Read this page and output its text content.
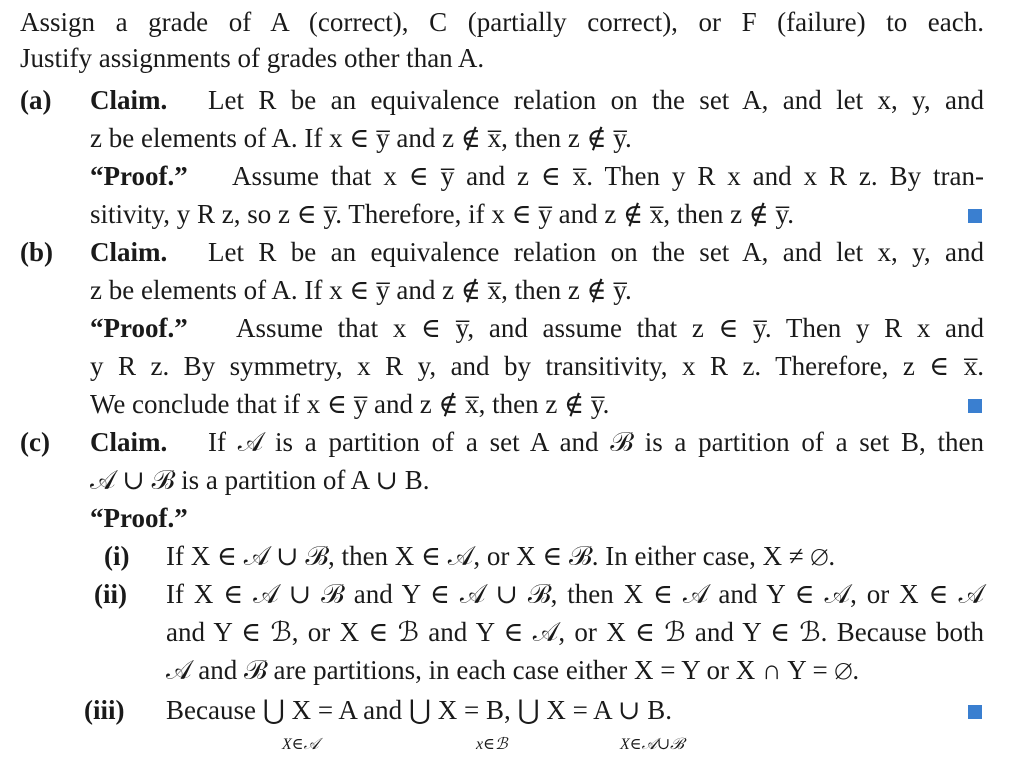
Assign a grade of A (correct), C (partially correct), or F (failure) to each.
Justify assignments of grades other than A.
(a) Claim. Let R be an equivalence relation on the set A, and let x, y, and
z be elements of A. If x ∈ y̅ and z ∉ x̅, then z ∉ y̅.
“Proof.” Assume that x ∈ y̅ and z ∈ x̅. Then y R x and x R z. By tran-
sitivity, y R z, so z ∈ y̅. Therefore, if x ∈ y̅ and z ∉ x̅, then z ∉ y̅.
(b) Claim. Let R be an equivalence relation on the set A, and let x, y, and
z be elements of A. If x ∈ y̅ and z ∉ x̅, then z ∉ y̅.
“Proof.” Assume that x ∈ y̅, and assume that z ∈ y̅. Then y R x and
y R z. By symmetry, x R y, and by transitivity, x R z. Therefore, z ∈ x̅.
We conclude that if x ∈ y̅ and z ∉ x̅, then z ∉ y̅.
(c) Claim. If 𝒜 is a partition of a set A and ℬ is a partition of a set B, then
𝒜 ∪ ℬ is a partition of A ∪ B.
“Proof.”
(i) If X ∈ 𝒜 ∪ ℬ, then X ∈ 𝒜, or X ∈ ℬ. In either case, X ≠ ∅.
(ii) If X ∈ 𝒜 ∪ ℬ and Y ∈ 𝒜 ∪ ℬ, then X ∈ 𝒜 and Y ∈ 𝒜, or X ∈ 𝒜
and Y ∈ ℬ, or X ∈ ℬ and Y ∈ 𝒜, or X ∈ ℬ and Y ∈ ℬ. Because both
𝒜 and ℬ are partitions, in each case either X = Y or X ∩ Y = ∅.
(iii) Because ⋃ X = A and ⋃ X = B, ⋃ X = A ∪ B.
X∈𝒜	x∈ℬ	X∈𝒜∪ℬ
